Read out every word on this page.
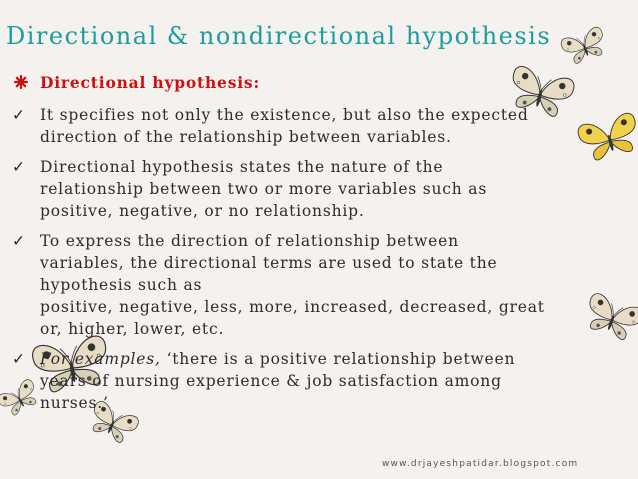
Directional & nondirectional hypothesis
Directional hypothesis:
✓ It specifies not only the existence, but also the expected
direction of the relationship between variables.
✓ Directional hypothesis states the nature of the
relationship between two or more variables such as
positive, negative, or no relationship.
✓ To express the direction of relationship between
variables, the directional terms are used to state the
hypothesis such as
positive, negative, less, more, increased, decreased, great
or, higher, lower, etc.
✓ For examples, ‘there is a positive relationship between
years of nursing experience & job satisfaction among
nurses.’
www.drjayeshpatidar.blogspot.com
